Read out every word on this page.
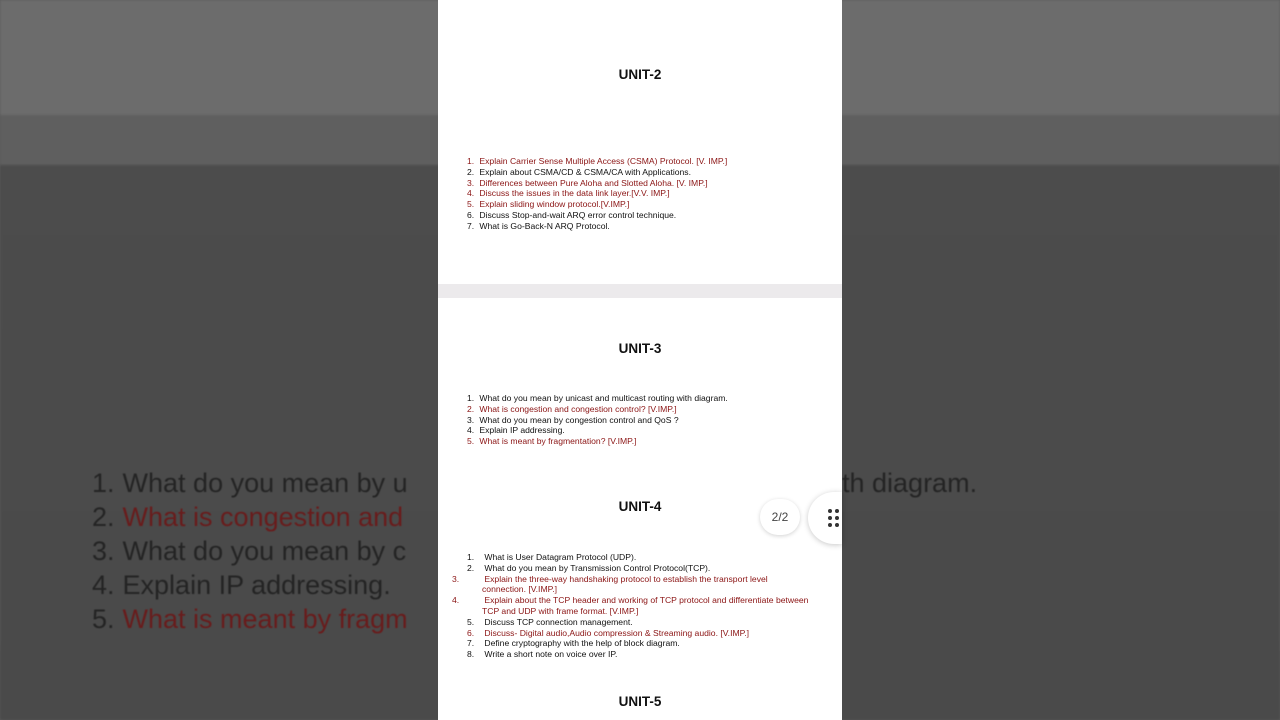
1. What do you mean by u
2. What is congestion and
3. What do you mean by c
4. Explain IP addressing.
5. What is meant by fragm
th diagram.
UNIT-2
1. Explain Carrier Sense Multiple Access (CSMA) Protocol. [V. IMP.]
2. Explain about CSMA/CD & CSMA/CA with Applications.
3. Differences between Pure Aloha and Slotted Aloha. [V. IMP.]
4. Discuss the issues in the data link layer.[V.V. IMP.]
5. Explain sliding window protocol.[V.IMP.]
6. Discuss Stop-and-wait ARQ error control technique.
7. What is Go-Back-N ARQ Protocol.
UNIT-3
1. What do you mean by unicast and multicast routing with diagram.
2. What is congestion and congestion control? [V.IMP.]
3. What do you mean by congestion control and QoS ?
4. Explain IP addressing.
5. What is meant by fragmentation? [V.IMP.]
UNIT-4
1. What is User Datagram Protocol (UDP).
2. What do you mean by Transmission Control Protocol(TCP).
3.	Explain the three-way handshaking protocol to establish the transport level connection. [V.IMP.]
4.	Explain about the TCP header and working of TCP protocol and differentiate between TCP and UDP with frame format. [V.IMP.]
5. Discuss TCP connection management.
6. Discuss- Digital audio,Audio compression & Streaming audio. [V.IMP.]
7. Define cryptography with the help of block diagram.
8. Write a short note on voice over IP.
UNIT-5
2/2
